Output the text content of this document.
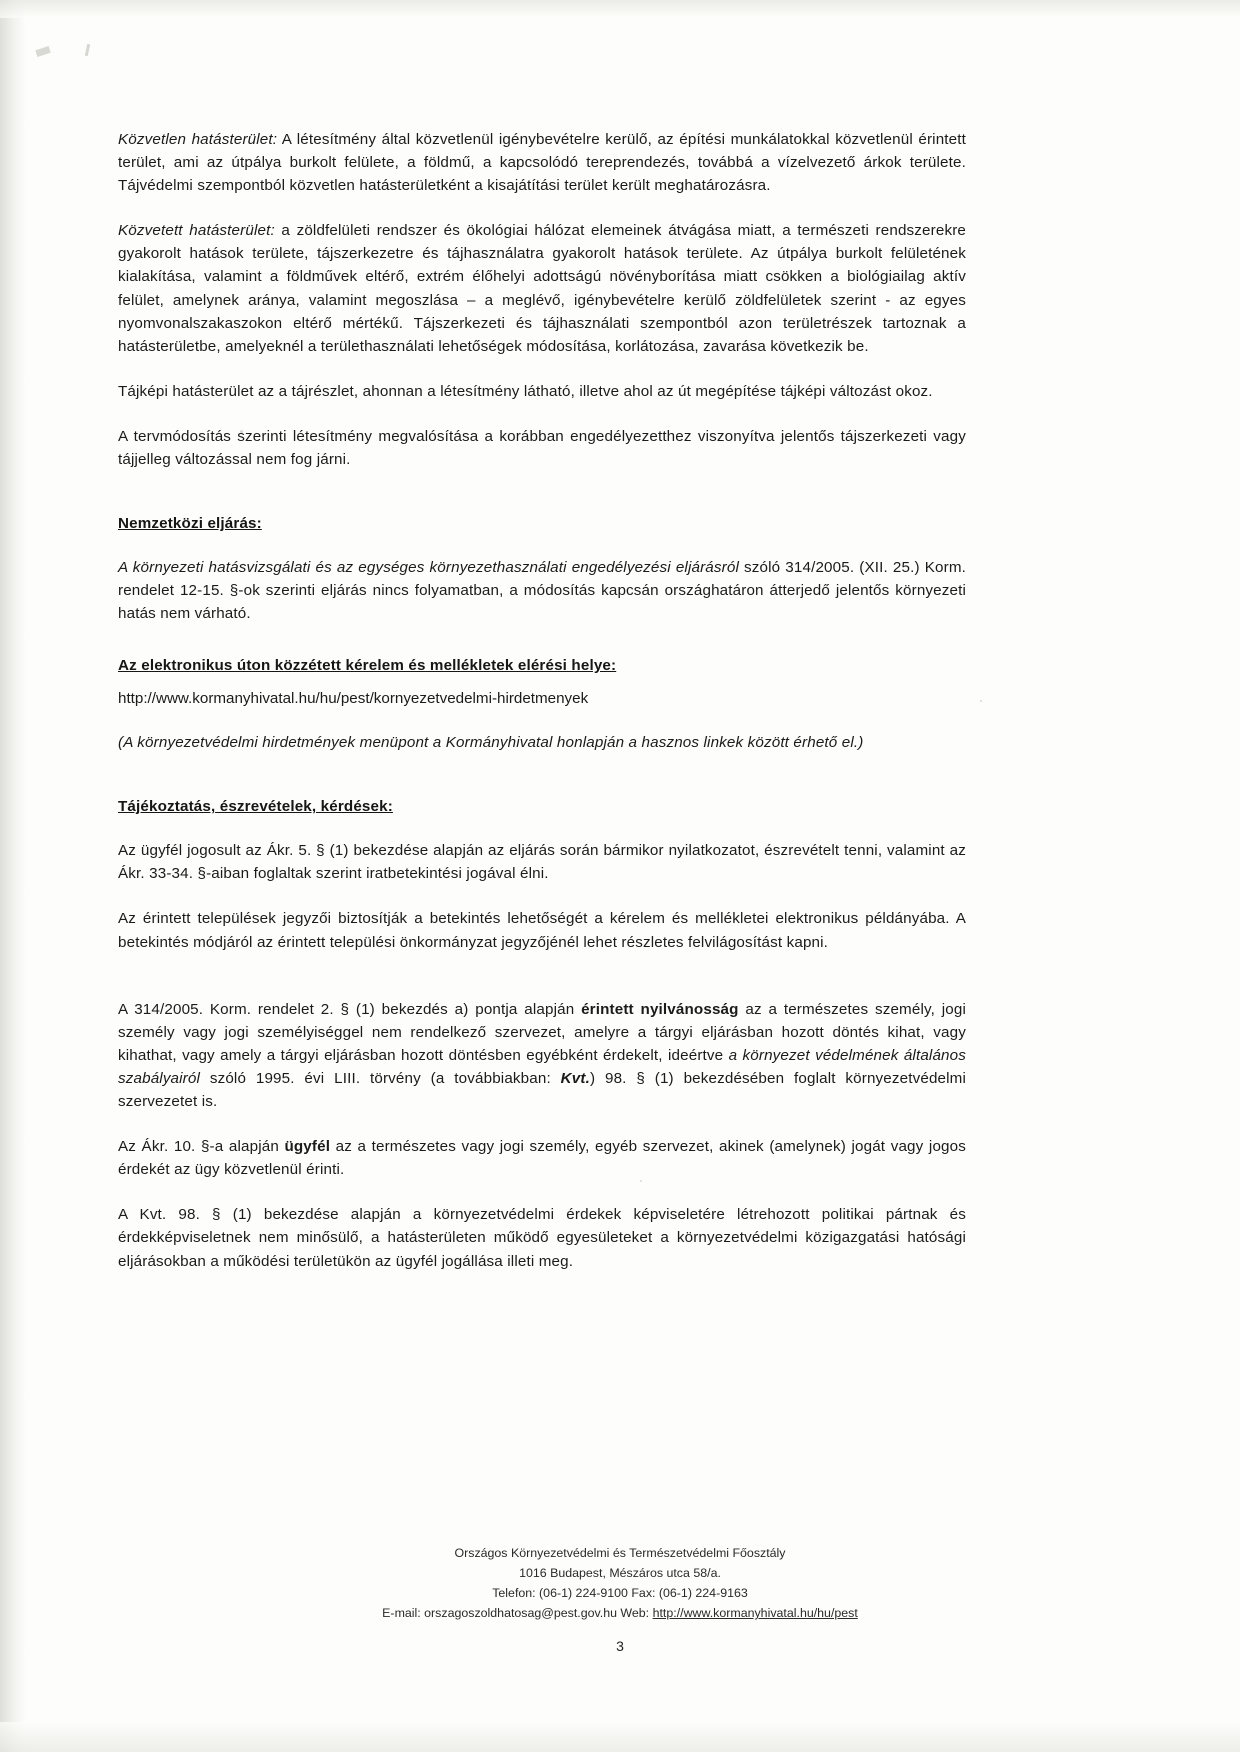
Közvetlen hatásterület: A létesítmény által közvetlenül igénybevételre kerülő, az építési munkálatokkal közvetlenül érintett terület, ami az útpálya burkolt felülete, a földmű, a kapcsolódó tereprendezés, továbbá a vízelvezető árkok területe. Tájvédelmi szempontból közvetlen hatásterületként a kisajátítási terület került meghatározásra.

Közvetett hatásterület: a zöldfelületi rendszer és ökológiai hálózat elemeinek átvágása miatt, a természeti rendszerekre gyakorolt hatások területe, tájszerkezetre és tájhasználatra gyakorolt hatások területe. Az útpálya burkolt felületének kialakítása, valamint a földművek eltérő, extrém élőhelyi adottságú növényborítása miatt csökken a biológiailag aktív felület, amelynek aránya, valamint megoszlása – a meglévő, igénybevételre kerülő zöldfelületek szerint - az egyes nyomvonalszakaszokon eltérő mértékű. Tájszerkezeti és tájhasználati szempontból azon területrészek tartoznak a hatásterületbe, amelyeknél a területhasználati lehetőségek módosítása, korlátozása, zavarása következik be.

Tájképi hatásterület az a tájrészlet, ahonnan a létesítmény látható, illetve ahol az út megépítése tájképi változást okoz.

A tervmódosítás szerinti létesítmény megvalósítása a korábban engedélyezetthez viszonyítva jelentős tájszerkezeti vagy tájjelleg változással nem fog járni.

Nemzetközi eljárás:

A környezeti hatásvizsgálati és az egységes környezethasználati engedélyezési eljárásról szóló 314/2005. (XII. 25.) Korm. rendelet 12-15. §-ok szerinti eljárás nincs folyamatban, a módosítás kapcsán országhatáron átterjedő jelentős környezeti hatás nem várható.

Az elektronikus úton közzétett kérelem és mellékletek elérési helye:

http://www.kormanyhivatal.hu/hu/pest/kornyezetvedelmi-hirdetmenyek

(A környezetvédelmi hirdetmények menüpont a Kormányhivatal honlapján a hasznos linkek között érhető el.)

Tájékoztatás, észrevételek, kérdések:

Az ügyfél jogosult az Ákr. 5. § (1) bekezdése alapján az eljárás során bármikor nyilatkozatot, észrevételt tenni, valamint az Ákr. 33-34. §-aiban foglaltak szerint iratbetekintési jogával élni.

Az érintett települések jegyzői biztosítják a betekintés lehetőségét a kérelem és mellékletei elektronikus példányába. A betekintés módjáról az érintett települési önkormányzat jegyzőjénél lehet részletes felvilágosítást kapni.

A 314/2005. Korm. rendelet 2. § (1) bekezdés a) pontja alapján érintett nyilvánosság az a természetes személy, jogi személy vagy jogi személyiséggel nem rendelkező szervezet, amelyre a tárgyi eljárásban hozott döntés kihat, vagy kihathat, vagy amely a tárgyi eljárásban hozott döntésben egyébként érdekelt, ideértve a környezet védelmének általános szabályairól szóló 1995. évi LIII. törvény (a továbbiakban: Kvt.) 98. § (1) bekezdésében foglalt környezetvédelmi szervezetet is.

Az Ákr. 10. §-a alapján ügyfél az a természetes vagy jogi személy, egyéb szervezet, akinek (amelynek) jogát vagy jogos érdekét az ügy közvetlenül érinti.

A Kvt. 98. § (1) bekezdése alapján a környezetvédelmi érdekek képviseletére létrehozott politikai pártnak és érdekképviseletnek nem minősülő, a hatásterületen működő egyesületeket a környezetvédelmi közigazgatási hatósági eljárásokban a működési területükön az ügyfél jogállása illeti meg.

Országos Környezetvédelmi és Természetvédelmi Főosztály
1016 Budapest, Mészáros utca 58/a.
Telefon: (06-1) 224-9100 Fax: (06-1) 224-9163
E-mail: orszagoszoldhatosag@pest.gov.hu Web: http://www.kormanyhivatal.hu/hu/pest
3
